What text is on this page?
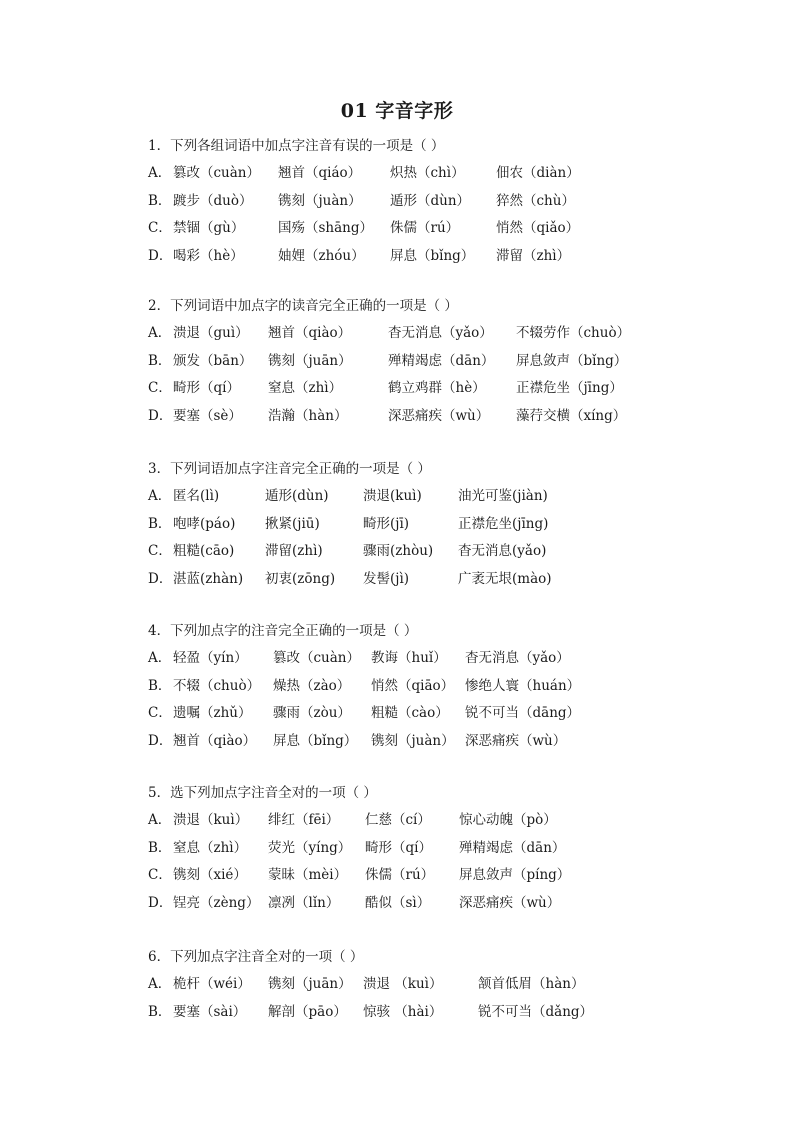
01 字音字形
1．下列各组词语中加点字注音有误的一项是（ ）
A． 篡改（cuàn） 翘首（qiáo） 炽热（chì） 佃农（diàn）
B． 踱步（duò） 镌刻（juàn） 遁形（dùn） 猝然（chù）
C． 禁锢（gù） 国殇（shāng） 侏儒（rú）	悄然（qiǎo）
D． 喝彩（hè）	妯娌（zhóu） 屏息（bǐng） 滞留（zhì）
2．下列词语中加点字的读音完全正确的一项是（ ）
A． 溃退（guì） 翘首（qiào）	杳无消息（yǎo） 不辍劳作（chuò）
B． 颁发（bān） 镌刻（juān）	殚精竭虑（dān） 屏息敛声（bǐng）
C． 畸形（qí） 窒息（zhì）	鹤立鸡群（hè） 正襟危坐（jīng）
D． 要塞（sè） 浩瀚（hàn）	深恶痛疾（wù） 藻荇交横（xíng）
3．下列词语加点字注音完全正确的一项是（ ）
A． 匿名(lì)	遁形(dùn)	溃退(kuì)	油光可鉴(jiàn)
B． 咆哮(páo) 揪紧(jiū)	畸形(jī)	正襟危坐(jīng)
C． 粗糙(cāo) 滞留(zhì)	骤雨(zhòu) 杳无消息(yǎo)
D． 湛蓝(zhàn) 初衷(zōng) 发髻(jì)	广袤无垠(mào)
4．下列加点字的注音完全正确的一项是（ ）
A． 轻盈（yín） 篡改（cuàn） 教诲（huǐ） 杳无消息（yǎo）
B． 不辍（chuò） 燥热（zào） 悄然（qiāo） 惨绝人寰（huán）
C． 遗嘱（zhǔ） 骤雨（zòu） 粗糙（cào） 锐不可当（dāng）
D． 翘首（qiào） 屏息（bǐng） 镌刻（juàn） 深恶痛疾（wù）
5．选下列加点字注音全对的一项（ ）
A． 溃退（kuì） 绯红（fēi） 仁慈（cí） 惊心动魄（pò）
B． 窒息（zhì） 荧光（yíng） 畸形（qí） 殚精竭虑（dān）
C． 镌刻（xié） 蒙昧（mèi） 侏儒（rú） 屏息敛声（píng）
D． 锃亮（zèng） 凛冽（lǐn） 酷似（sì） 深恶痛疾（wù）
6．下列加点字注音全对的一项（ ）
A． 桅杆（wéi） 镌刻（juān） 溃退 （kuì）	颔首低眉（hàn）
B． 要塞（sài） 解剖（pāo） 惊骇 （hài）	锐不可当（dǎng）
